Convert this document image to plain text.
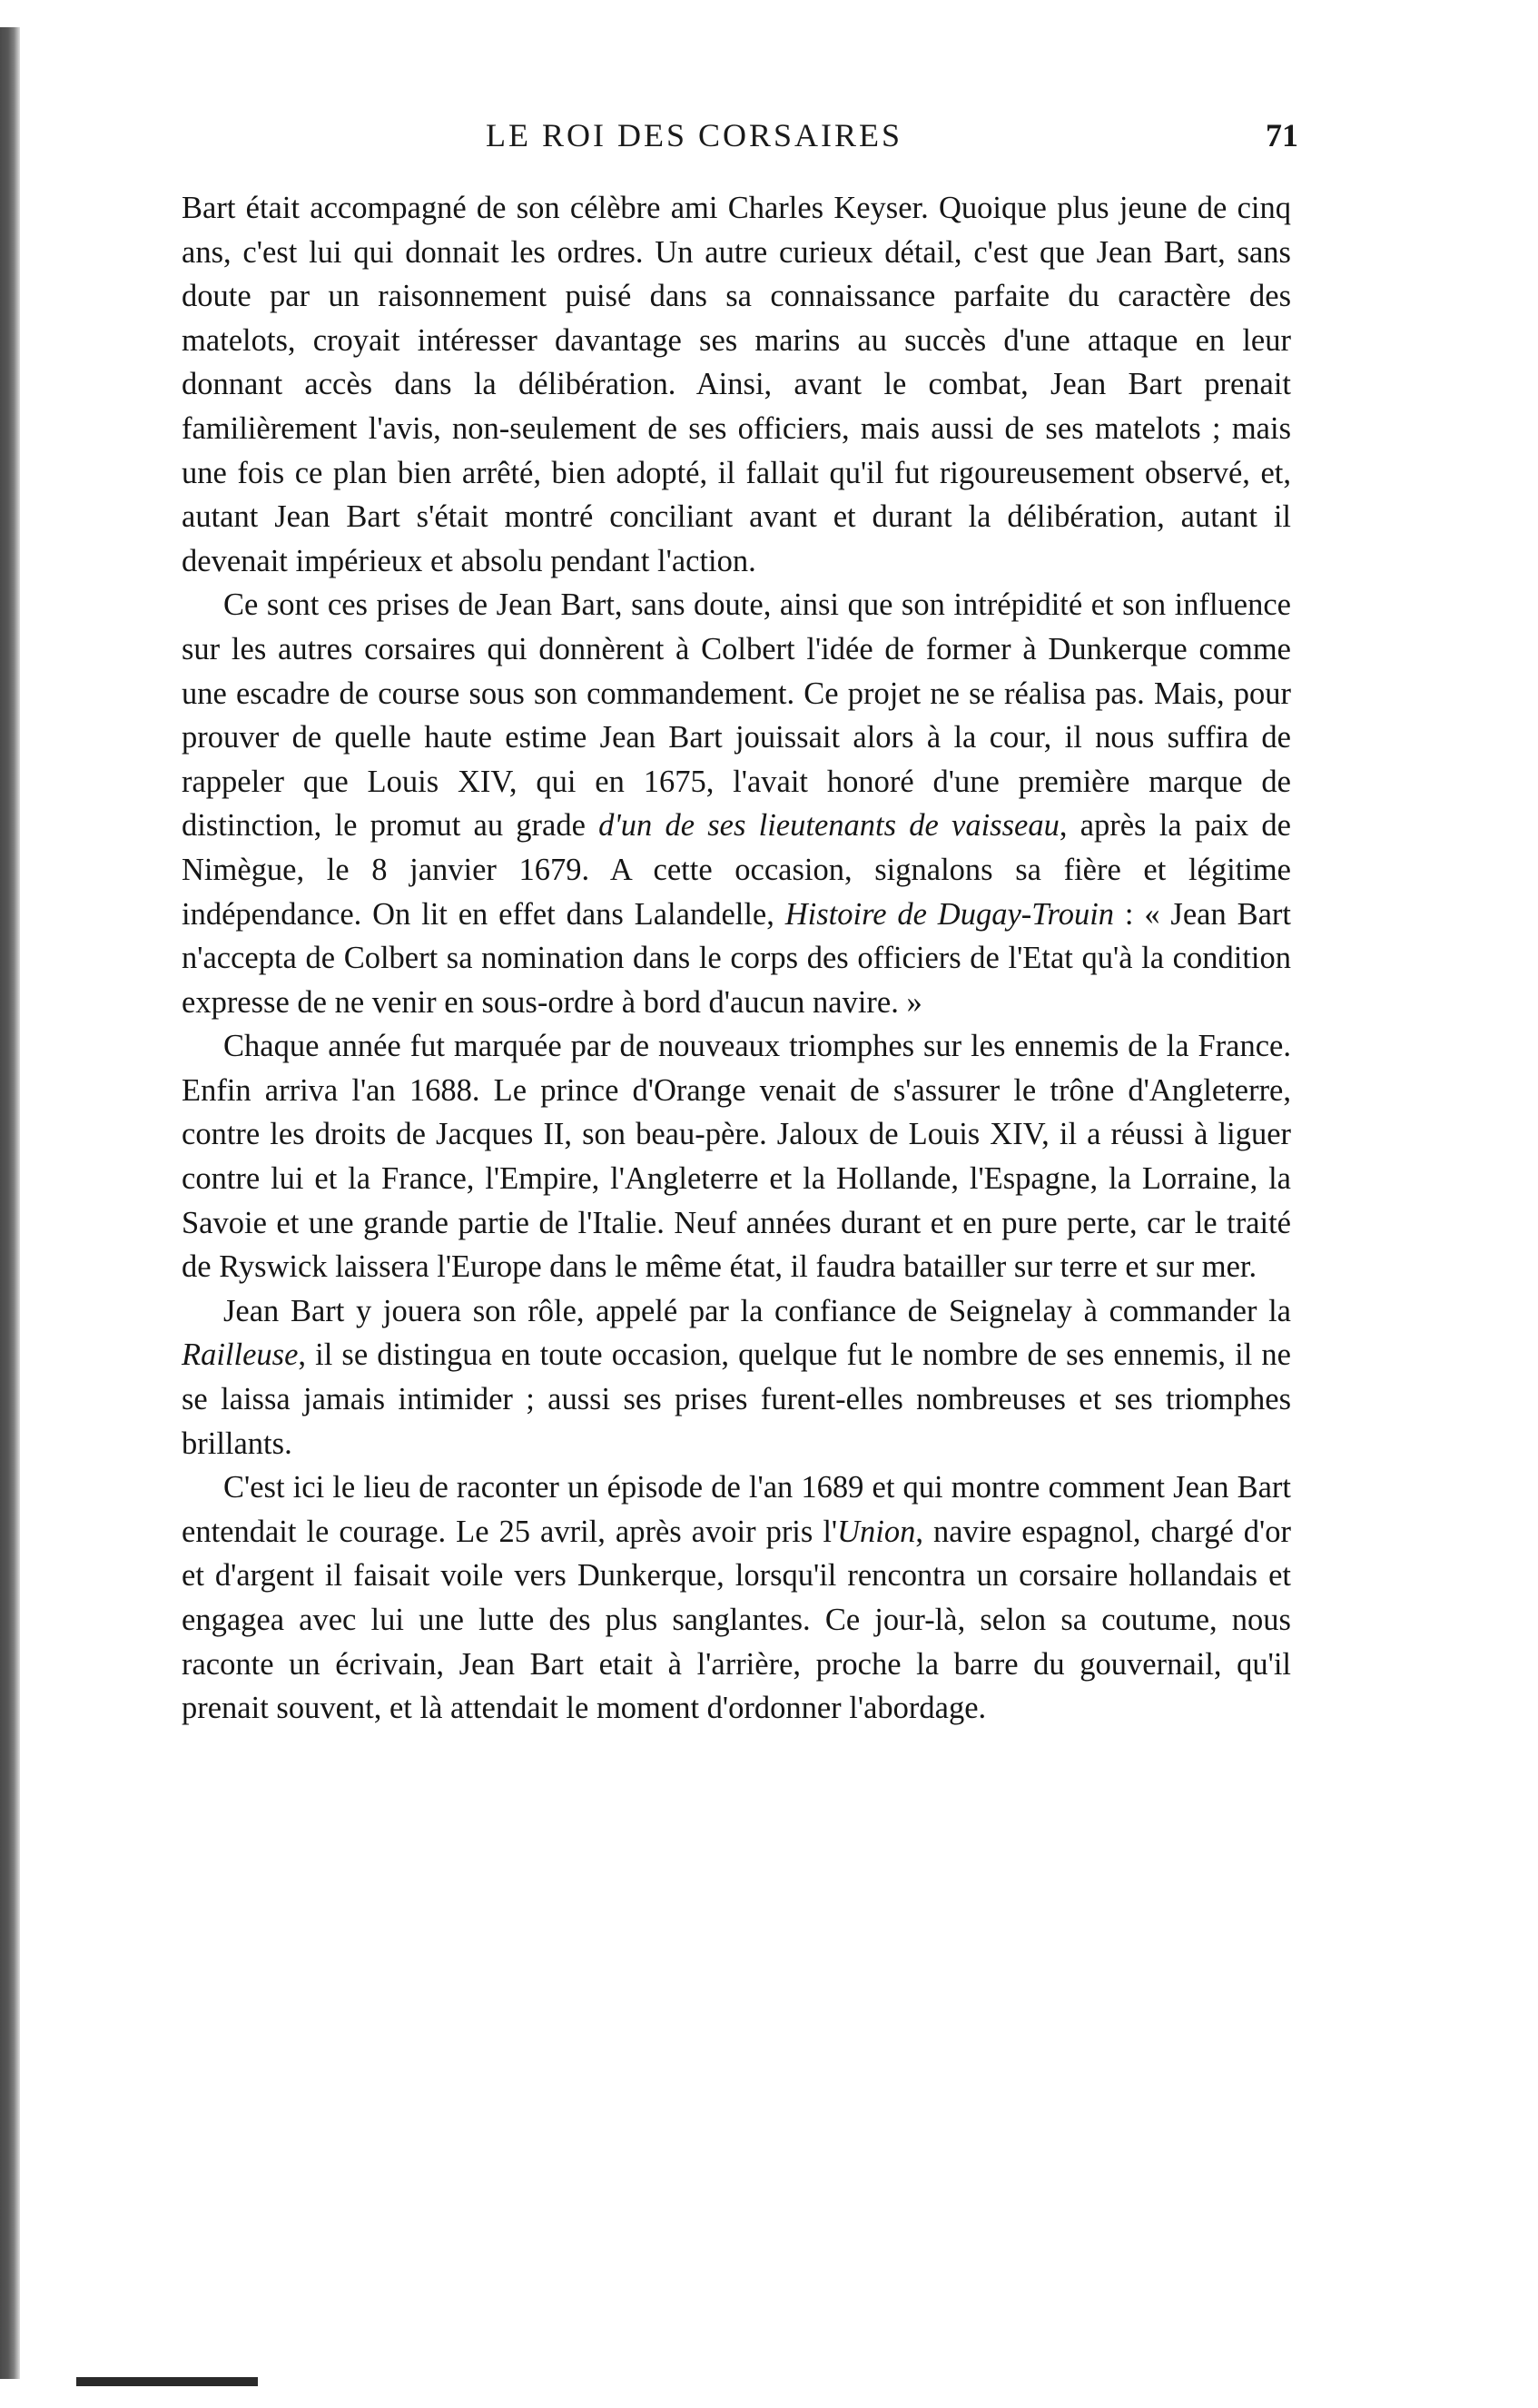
LE ROI DES CORSAIRES	71

Bart était accompagné de son célèbre ami Charles Keyser. Quoique plus jeune de cinq ans, c'est lui qui donnait les ordres. Un autre curieux détail, c'est que Jean Bart, sans doute par un raisonnement puisé dans sa connaissance parfaite du caractère des matelots, croyait intéresser davantage ses marins au succès d'une attaque en leur donnant accès dans la délibération. Ainsi, avant le combat, Jean Bart prenait familièrement l'avis, non-seulement de ses officiers, mais aussi de ses matelots ; mais une fois ce plan bien arrêté, bien adopté, il fallait qu'il fut rigoureusement observé, et, autant Jean Bart s'était montré conciliant avant et durant la délibération, autant il devenait impérieux et absolu pendant l'action.

Ce sont ces prises de Jean Bart, sans doute, ainsi que son intrépidité et son influence sur les autres corsaires qui donnèrent à Colbert l'idée de former à Dunkerque comme une escadre de course sous son commandement. Ce projet ne se réalisa pas. Mais, pour prouver de quelle haute estime Jean Bart jouissait alors à la cour, il nous suffira de rappeler que Louis XIV, qui en 1675, l'avait honoré d'une première marque de distinction, le promut au grade d'un de ses lieutenants de vaisseau, après la paix de Nimègue, le 8 janvier 1679. A cette occasion, signalons sa fière et légitime indépendance. On lit en effet dans Lalandelle, Histoire de Dugay-Trouin : « Jean Bart n'accepta de Colbert sa nomination dans le corps des officiers de l'Etat qu'à la condition expresse de ne venir en sous-ordre à bord d'aucun navire. »

Chaque année fut marquée par de nouveaux triomphes sur les ennemis de la France. Enfin arriva l'an 1688. Le prince d'Orange venait de s'assurer le trône d'Angleterre, contre les droits de Jacques II, son beau-père. Jaloux de Louis XIV, il a réussi à liguer contre lui et la France, l'Empire, l'Angleterre et la Hollande, l'Espagne, la Lorraine, la Savoie et une grande partie de l'Italie. Neuf années durant et en pure perte, car le traité de Ryswick laissera l'Europe dans le même état, il faudra batailler sur terre et sur mer.

Jean Bart y jouera son rôle, appelé par la confiance de Seignelay à commander la Railleuse, il se distingua en toute occasion, quelque fut le nombre de ses ennemis, il ne se laissa jamais intimider ; aussi ses prises furent-elles nombreuses et ses triomphes brillants.

C'est ici le lieu de raconter un épisode de l'an 1689 et qui montre comment Jean Bart entendait le courage. Le 25 avril, après avoir pris l'Union, navire espagnol, chargé d'or et d'argent il faisait voile vers Dunkerque, lorsqu'il rencontra un corsaire hollandais et engagea avec lui une lutte des plus sanglantes. Ce jour-là, selon sa coutume, nous raconte un écrivain, Jean Bart etait à l'arrière, proche la barre du gouvernail, qu'il prenait souvent, et là attendait le moment d'ordonner l'abordage.
